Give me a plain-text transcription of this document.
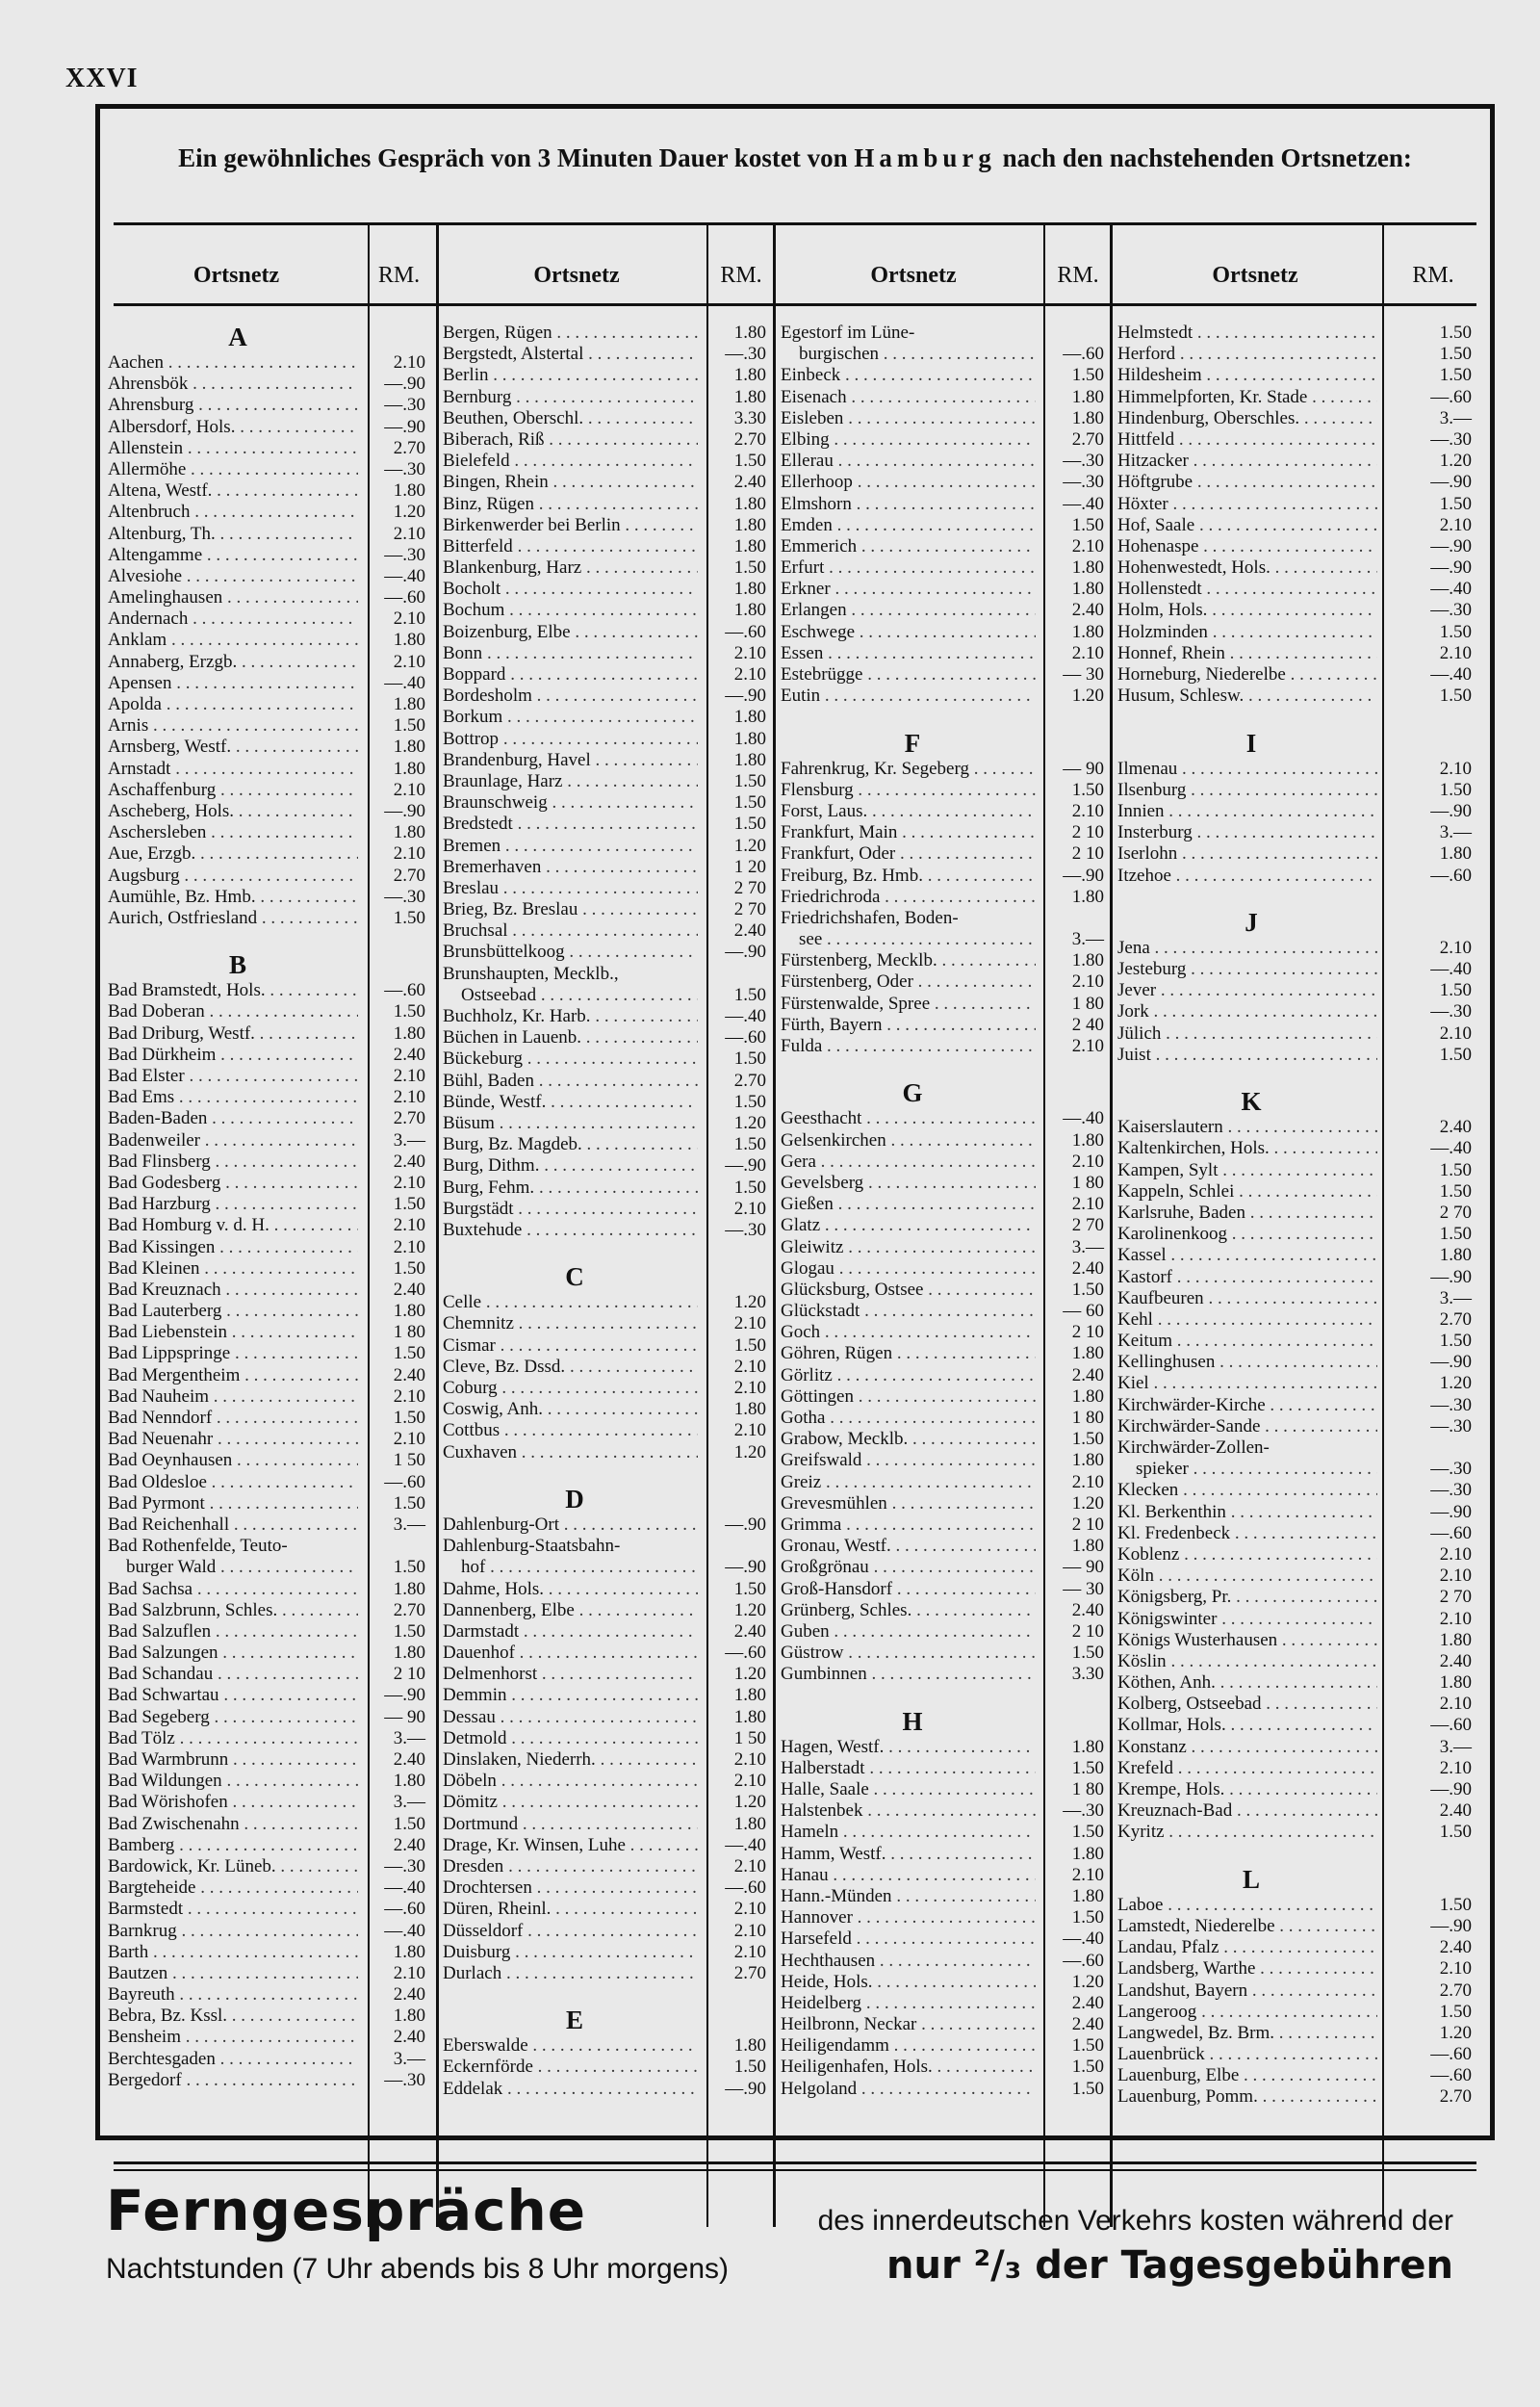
XXVI
Ein gewöhnliches Gespräch von 3 Minuten Dauer kostet von Hamburg nach den nachstehenden Ortsnetzen:
Ortsnetz	RM.	Ortsnetz	RM.	Ortsnetz	RM.	Ortsnetz	RM.
A
Aachen . . .	2.10
Ahrensbök . . .	—.90
Ahrensburg . . .	—.30
Albersdorf, Hols. . . .	—.90
Allenstein . . .	2.70
Allermöhe . . .	—.30
Altena, Westf. . . .	1.80
Altenbruch . . .	1.20
Altenburg, Th. . . .	2.10
Altengamme . . .	—.30
Alvesiohe . . .	—.40
Amelinghausen . . .	—.60
Andernach . . .	2.10
Anklam . . .	1.80
Annaberg, Erzgb. . . .	2.10
Apensen . . .	—.40
Apolda . . .	1.80
Arnis . . .	1.50
Arnsberg, Westf. . . .	1.80
Arnstadt . . .	1.80
Aschaffenburg . . .	2.10
Ascheberg, Hols. . . .	—.90
Aschersleben . . .	1.80
Aue, Erzgb. . . .	2.10
Augsburg . . .	2.70
Aumühle, Bz. Hmb. . . .	—.30
Aurich, Ostfriesland . . .	1.50
B
Bad Bramstedt, Hols. . . .	—.60
Bad Doberan . . .	1.50
Bad Driburg, Westf. . . .	1.80
Bad Dürkheim . . .	2.40
Bad Elster . . .	2.10
Bad Ems . . .	2.10
Baden-Baden . . .	2.70
Badenweiler . . .	3.—
Bad Flinsberg . . .	2.40
Bad Godesberg . . .	2.10
Bad Harzburg . . .	1.50
Bad Homburg v. d. H. . . .	2.10
Bad Kissingen . . .	2.10
Bad Kleinen . . .	1.50
Bad Kreuznach . . .	2.40
Bad Lauterberg . . .	1.80
Bad Liebenstein . . .	1 80
Bad Lippspringe . . .	1.50
Bad Mergentheim . . .	2.40
Bad Nauheim . . .	2.10
Bad Nenndorf . . .	1.50
Bad Neuenahr . . .	2.10
Bad Oeynhausen . . .	1 50
Bad Oldesloe . . .	—.60
Bad Pyrmont . . .	1.50
Bad Reichenhall . . .	3.—
Bad Rothenfelde, Teuto-
burger Wald . . .	1.50
Bad Sachsa . . .	1.80
Bad Salzbrunn, Schles. . . .	2.70
Bad Salzuflen . . .	1.50
Bad Salzungen . . .	1.80
Bad Schandau . . .	2 10
Bad Schwartau . . .	—.90
Bad Segeberg . . .	— 90
Bad Tölz . . .	3.—
Bad Warmbrunn . . .	2.40
Bad Wildungen . . .	1.80
Bad Wörishofen . . .	3.—
Bad Zwischenahn . . .	1.50
Bamberg . . .	2.40
Bardowick, Kr. Lüneb. . . .	—.30
Bargteheide . . .	—.40
Barmstedt . . .	—.60
Barnkrug . . .	—.40
Barth . . .	1.80
Bautzen . . .	2.10
Bayreuth . . .	2.40
Bebra, Bz. Kssl. . . .	1.80
Bensheim . . .	2.40
Berchtesgaden . . .	3.—
Bergedorf . . .	—.30
Bergen, Rügen . . .	1.80
Bergstedt, Alstertal . . .	—.30
Berlin . . .	1.80
Bernburg . . .	1.80
Beuthen, Oberschl. . . .	3.30
Biberach, Riß . . .	2.70
Bielefeld . . .	1.50
Bingen, Rhein . . .	2.40
Binz, Rügen . . .	1.80
Birkenwerder bei Berlin . . .	1.80
Bitterfeld . . .	1.80
Blankenburg, Harz . . .	1.50
Bocholt . . .	1.80
Bochum . . .	1.80
Boizenburg, Elbe . . .	—.60
Bonn . . .	2.10
Boppard . . .	2.10
Bordesholm . . .	—.90
Borkum . . .	1.80
Bottrop . . .	1.80
Brandenburg, Havel . . .	1.80
Braunlage, Harz . . .	1.50
Braunschweig . . .	1.50
Bredstedt . . .	1.50
Bremen . . .	1.20
Bremerhaven . . .	1 20
Breslau . . .	2 70
Brieg, Bz. Breslau . . .	2 70
Bruchsal . . .	2.40
Brunsbüttelkoog . . .	—.90
Brunshaupten, Mecklb.,
Ostseebad . . .	1.50
Buchholz, Kr. Harb. . . .	—.40
Büchen in Lauenb. . . .	—.60
Bückeburg . . .	1.50
Bühl, Baden . . .	2.70
Bünde, Westf. . . .	1.50
Büsum . . .	1.20
Burg, Bz. Magdeb. . . .	1.50
Burg, Dithm. . . .	—.90
Burg, Fehm. . . .	1.50
Burgstädt . . .	2.10
Buxtehude . . .	—.30
C
Celle . . .	1.20
Chemnitz . . .	2.10
Cismar . . .	1.50
Cleve, Bz. Dssd. . . .	2.10
Coburg . . .	2.10
Coswig, Anh. . . .	1.80
Cottbus . . .	2.10
Cuxhaven . . .	1.20
D
Dahlenburg-Ort . . .	—.90
Dahlenburg-Staatsbahn-
hof . . .	—.90
Dahme, Hols. . . .	1.50
Dannenberg, Elbe . . .	1.20
Darmstadt . . .	2.40
Dauenhof . . .	—.60
Delmenhorst . . .	1.20
Demmin . . .	1.80
Dessau . . .	1.80
Detmold . . .	1 50
Dinslaken, Niederrh. . . .	2.10
Döbeln . . .	2.10
Dömitz . . .	1.20
Dortmund . . .	1.80
Drage, Kr. Winsen, Luhe . . .	—.40
Dresden . . .	2.10
Drochtersen . . .	—.60
Düren, Rheinl. . . .	2.10
Düsseldorf . . .	2.10
Duisburg . . .	2.10
Durlach . . .	2.70
E
Eberswalde . . .	1.80
Eckernförde . . .	1.50
Eddelak . . .	—.90
Egestorf im Lüne-
burgischen . . .	—.60
Einbeck . . .	1.50
Eisenach . . .	1.80
Eisleben . . .	1.80
Elbing . . .	2.70
Ellerau . . .	—.30
Ellerhoop . . .	—.30
Elmshorn . . .	—.40
Emden . . .	1.50
Emmerich . . .	2.10
Erfurt . . .	1.80
Erkner . . .	1.80
Erlangen . . .	2.40
Eschwege . . .	1.80
Essen . . .	2.10
Estebrügge . . .	— 30
Eutin . . .	1.20
F
Fahrenkrug, Kr. Segeberg . . .	— 90
Flensburg . . .	1.50
Forst, Laus. . . .	2.10
Frankfurt, Main . . .	2 10
Frankfurt, Oder . . .	2 10
Freiburg, Bz. Hmb. . . .	—.90
Friedrichroda . . .	1.80
Friedrichshafen, Boden-
see . . .	3.—
Fürstenberg, Mecklb. . . .	1.80
Fürstenberg, Oder . . .	2.10
Fürstenwalde, Spree . . .	1 80
Fürth, Bayern . . .	2 40
Fulda . . .	2.10
G
Geesthacht . . .	—.40
Gelsenkirchen . . .	1.80
Gera . . .	2.10
Gevelsberg . . .	1 80
Gießen . . .	2.10
Glatz . . .	2 70
Gleiwitz . . .	3.—
Glogau . . .	2.40
Glücksburg, Ostsee . . .	1.50
Glückstadt . . .	— 60
Goch . . .	2 10
Göhren, Rügen . . .	1.80
Görlitz . . .	2.40
Göttingen . . .	1.80
Gotha . . .	1 80
Grabow, Mecklb. . . .	1.50
Greifswald . . .	1.80
Greiz . . .	2.10
Grevesmühlen . . .	1.20
Grimma . . .	2 10
Gronau, Westf. . . .	1.80
Großgrönau . . .	— 90
Groß-Hansdorf . . .	— 30
Grünberg, Schles. . . .	2.40
Guben . . .	2 10
Güstrow . . .	1.50
Gumbinnen . . .	3.30
H
Hagen, Westf. . . .	1.80
Halberstadt . . .	1.50
Halle, Saale . . .	1 80
Halstenbek . . .	—.30
Hameln . . .	1.50
Hamm, Westf. . . .	1.80
Hanau . . .	2.10
Hann.-Münden . . .	1.80
Hannover . . .	1.50
Harsefeld . . .	—.40
Hechthausen . . .	—.60
Heide, Hols. . . .	1.20
Heidelberg . . .	2.40
Heilbronn, Neckar . . .	2.40
Heiligendamm . . .	1.50
Heiligenhafen, Hols. . . .	1.50
Helgoland . . .	1.50
Helmstedt . . .	1.50
Herford . . .	1.50
Hildesheim . . .	1.50
Himmelpforten, Kr. Stade . . .	—.60
Hindenburg, Oberschles. . . .	3.—
Hittfeld . . .	—.30
Hitzacker . . .	1.20
Höftgrube . . .	—.90
Höxter . . .	1.50
Hof, Saale . . .	2.10
Hohenaspe . . .	—.90
Hohenwestedt, Hols. . . .	—.90
Hollenstedt . . .	—.40
Holm, Hols. . . .	—.30
Holzminden . . .	1.50
Honnef, Rhein . . .	2.10
Horneburg, Niederelbe . . .	—.40
Husum, Schlesw. . . .	1.50
I
Ilmenau . . .	2.10
Ilsenburg . . .	1.50
Innien . . .	—.90
Insterburg . . .	3.—
Iserlohn . . .	1.80
Itzehoe . . .	—.60
J
Jena . . .	2.10
Jesteburg . . .	—.40
Jever . . .	1.50
Jork . . .	—.30
Jülich . . .	2.10
Juist . . .	1.50
K
Kaiserslautern . . .	2.40
Kaltenkirchen, Hols. . . .	—.40
Kampen, Sylt . . .	1.50
Kappeln, Schlei . . .	1.50
Karlsruhe, Baden . . .	2 70
Karolinenkoog . . .	1.50
Kassel . . .	1.80
Kastorf . . .	—.90
Kaufbeuren . . .	3.—
Kehl . . .	2.70
Keitum . . .	1.50
Kellinghusen . . .	—.90
Kiel . . .	1.20
Kirchwärder-Kirche . . .	—.30
Kirchwärder-Sande . . .	—.30
Kirchwärder-Zollen-
spieker . . .	—.30
Klecken . . .	—.30
Kl. Berkenthin . . .	—.90
Kl. Fredenbeck . . .	—.60
Koblenz . . .	2.10
Köln . . .	2.10
Königsberg, Pr. . . .	2 70
Königswinter . . .	2.10
Königs Wusterhausen . . .	1.80
Köslin . . .	2.40
Köthen, Anh. . . .	1.80
Kolberg, Ostseebad . . .	2.10
Kollmar, Hols. . . .	—.60
Konstanz . . .	3.—
Krefeld . . .	2.10
Krempe, Hols. . . .	—.90
Kreuznach-Bad . . .	2.40
Kyritz . . .	1.50
L
Laboe . . .	1.50
Lamstedt, Niederelbe . . .	—.90
Landau, Pfalz . . .	2.40
Landsberg, Warthe . . .	2.10
Landshut, Bayern . . .	2.70
Langeroog . . .	1.50
Langwedel, Bz. Brm. . . .	1.20
Lauenbrück . . .	—.60
Lauenburg, Elbe . . .	—.60
Lauenburg, Pomm. . . .	2.70
Ferngespräche	des innerdeutschen Verkehrs kosten während der
Nachtstunden (7 Uhr abends bis 8 Uhr morgens)	nur ²/₃ der Tagesgebühren
